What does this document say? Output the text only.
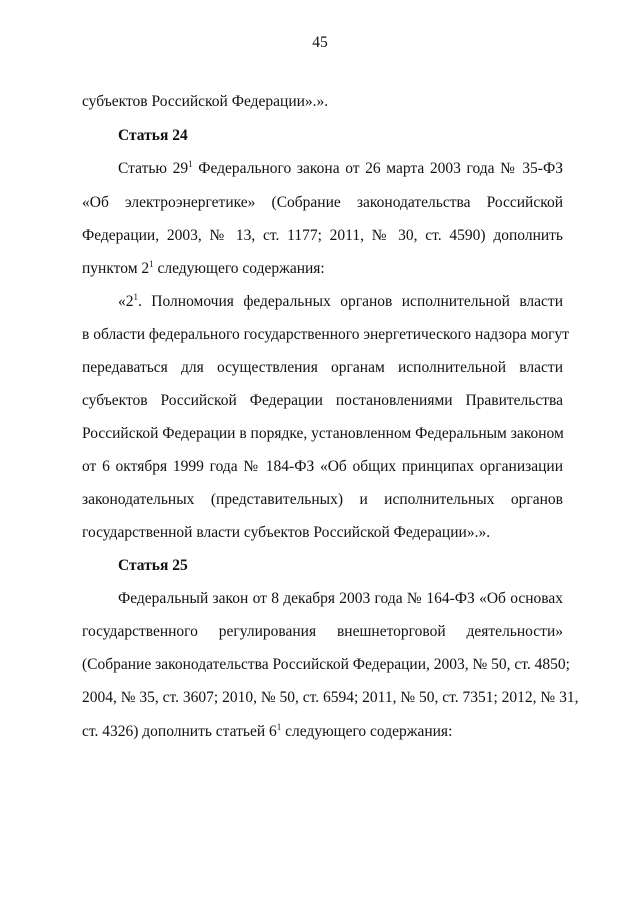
45
субъектов Российской Федерации».».
Статья 24
Статью $29^1$ Федерального закона от 26 марта 2003 года № 35-ФЗ
«Об электроэнергетике» (Собрание законодательства Российской
Федерации, 2003, № 13, ст. 1177; 2011, № 30, ст. 4590) дополнить
пунктом $2^1$ следующего содержания:
«$2^1$. Полномочия федеральных органов исполнительной власти
в области федерального государственного энергетического надзора могут
передаваться для осуществления органам исполнительной власти
субъектов Российской Федерации постановлениями Правительства
Российской Федерации в порядке, установленном Федеральным законом
от 6 октября 1999 года № 184-ФЗ «Об общих принципах организации
законодательных (представительных) и исполнительных органов
государственной власти субъектов Российской Федерации».».
Статья 25
Федеральный закон от 8 декабря 2003 года № 164-ФЗ «Об основах
государственного регулирования внешнеторговой деятельности»
(Собрание законодательства Российской Федерации, 2003, № 50, ст. 4850;
2004, № 35, ст. 3607; 2010, № 50, ст. 6594; 2011, № 50, ст. 7351; 2012, № 31,
ст. 4326) дополнить статьей $6^1$ следующего содержания:
